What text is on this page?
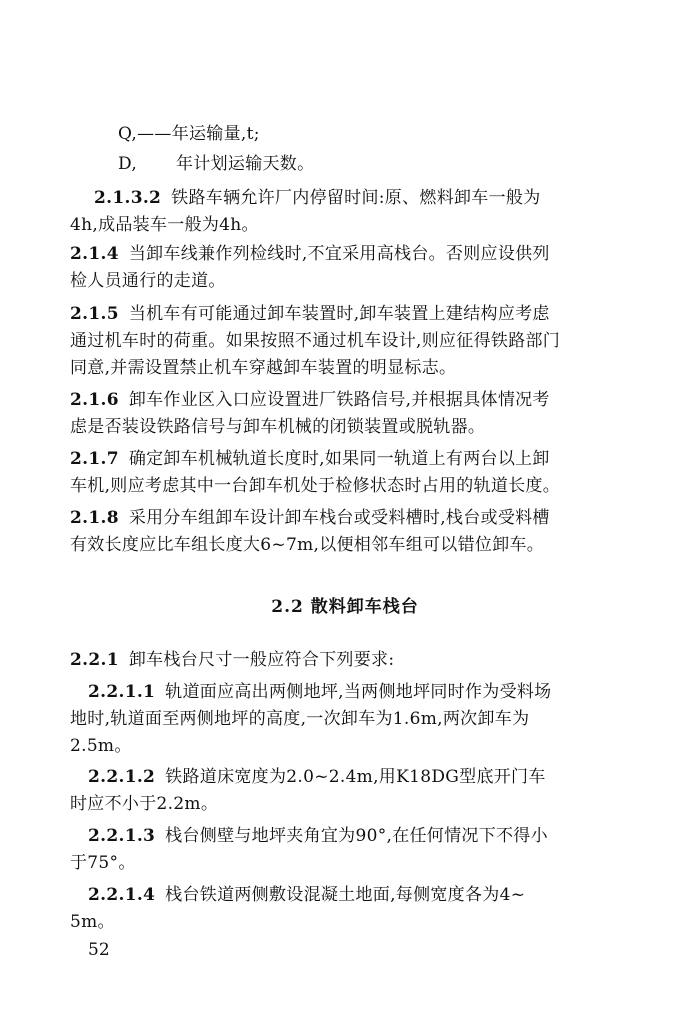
Q,——年运输量,t;
D, 年计划运输天数。
2.1.3.2 铁路车辆允许厂内停留时间:原、燃料卸车一般为
4h,成品装车一般为4h。
2.1.4 当卸车线兼作列检线时,不宜采用高栈台。否则应设供列
检人员通行的走道。
2.1.5 当机车有可能通过卸车装置时,卸车装置上建结构应考虑
通过机车时的荷重。如果按照不通过机车设计,则应征得铁路部门
同意,并需设置禁止机车穿越卸车装置的明显标志。
2.1.6 卸车作业区入口应设置进厂铁路信号,并根据具体情况考
虑是否装设铁路信号与卸车机械的闭锁装置或脱轨器。
2.1.7 确定卸车机械轨道长度时,如果同一轨道上有两台以上卸
车机,则应考虑其中一台卸车机处于检修状态时占用的轨道长度。
2.1.8 采用分车组卸车设计卸车栈台或受料槽时,栈台或受料槽
有效长度应比车组长度大6~7m,以便相邻车组可以错位卸车。
2.2 散料卸车栈台
2.2.1 卸车栈台尺寸一般应符合下列要求:
2.2.1.1 轨道面应高出两侧地坪,当两侧地坪同时作为受料场
地时,轨道面至两侧地坪的高度,一次卸车为1.6m,两次卸车为
2.5m。
2.2.1.2 铁路道床宽度为2.0~2.4m,用K18DG型底开门车
时应不小于2.2m。
2.2.1.3 栈台侧壁与地坪夹角宜为90°,在任何情况下不得小
于75°。
2.2.1.4 栈台铁道两侧敷设混凝土地面,每侧宽度各为4~
5m。
52
